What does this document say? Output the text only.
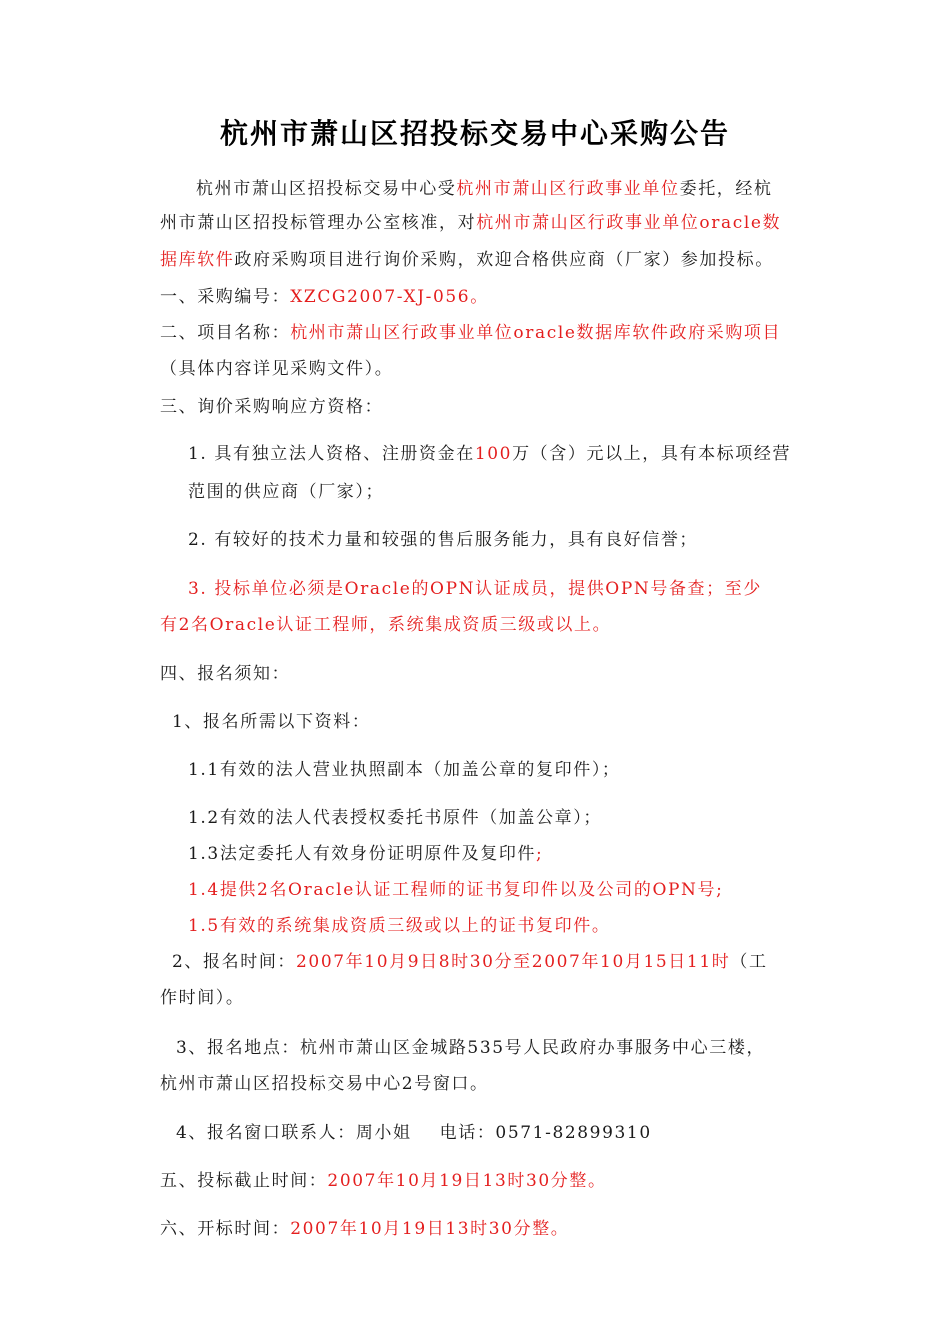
杭州市萧山区招投标交易中心采购公告
杭州市萧山区招投标交易中心受杭州市萧山区行政事业单位委托，经杭
州市萧山区招投标管理办公室核准，对杭州市萧山区行政事业单位oracle数
据库软件政府采购项目进行询价采购，欢迎合格供应商（厂家）参加投标。
一、采购编号：XZCG2007-XJ-056。
二、项目名称：杭州市萧山区行政事业单位oracle数据库软件政府采购项目
（具体内容详见采购文件）。
三、询价采购响应方资格：
1. 具有独立法人资格、注册资金在100万（含）元以上，具有本标项经营
范围的供应商（厂家）；
2. 有较好的技术力量和较强的售后服务能力，具有良好信誉；
3. 投标单位必须是Oracle的OPN认证成员，提供OPN号备查；至少
有2名Oracle认证工程师，系统集成资质三级或以上。
四、报名须知：
1、报名所需以下资料：
1.1有效的法人营业执照副本（加盖公章的复印件）；
1.2有效的法人代表授权委托书原件（加盖公章）；
1.3法定委托人有效身份证明原件及复印件;
1.4提供2名Oracle认证工程师的证书复印件以及公司的OPN号;
1.5有效的系统集成资质三级或以上的证书复印件。
2、报名时间：2007年10月9日8时30分至2007年10月15日11时（工
作时间）。
3、报名地点：杭州市萧山区金城路535号人民政府办事服务中心三楼，
杭州市萧山区招投标交易中心2号窗口。
4、报名窗口联系人：周小姐    电话：0571-82899310
五、投标截止时间：2007年10月19日13时30分整。
六、开标时间：2007年10月19日13时30分整。
